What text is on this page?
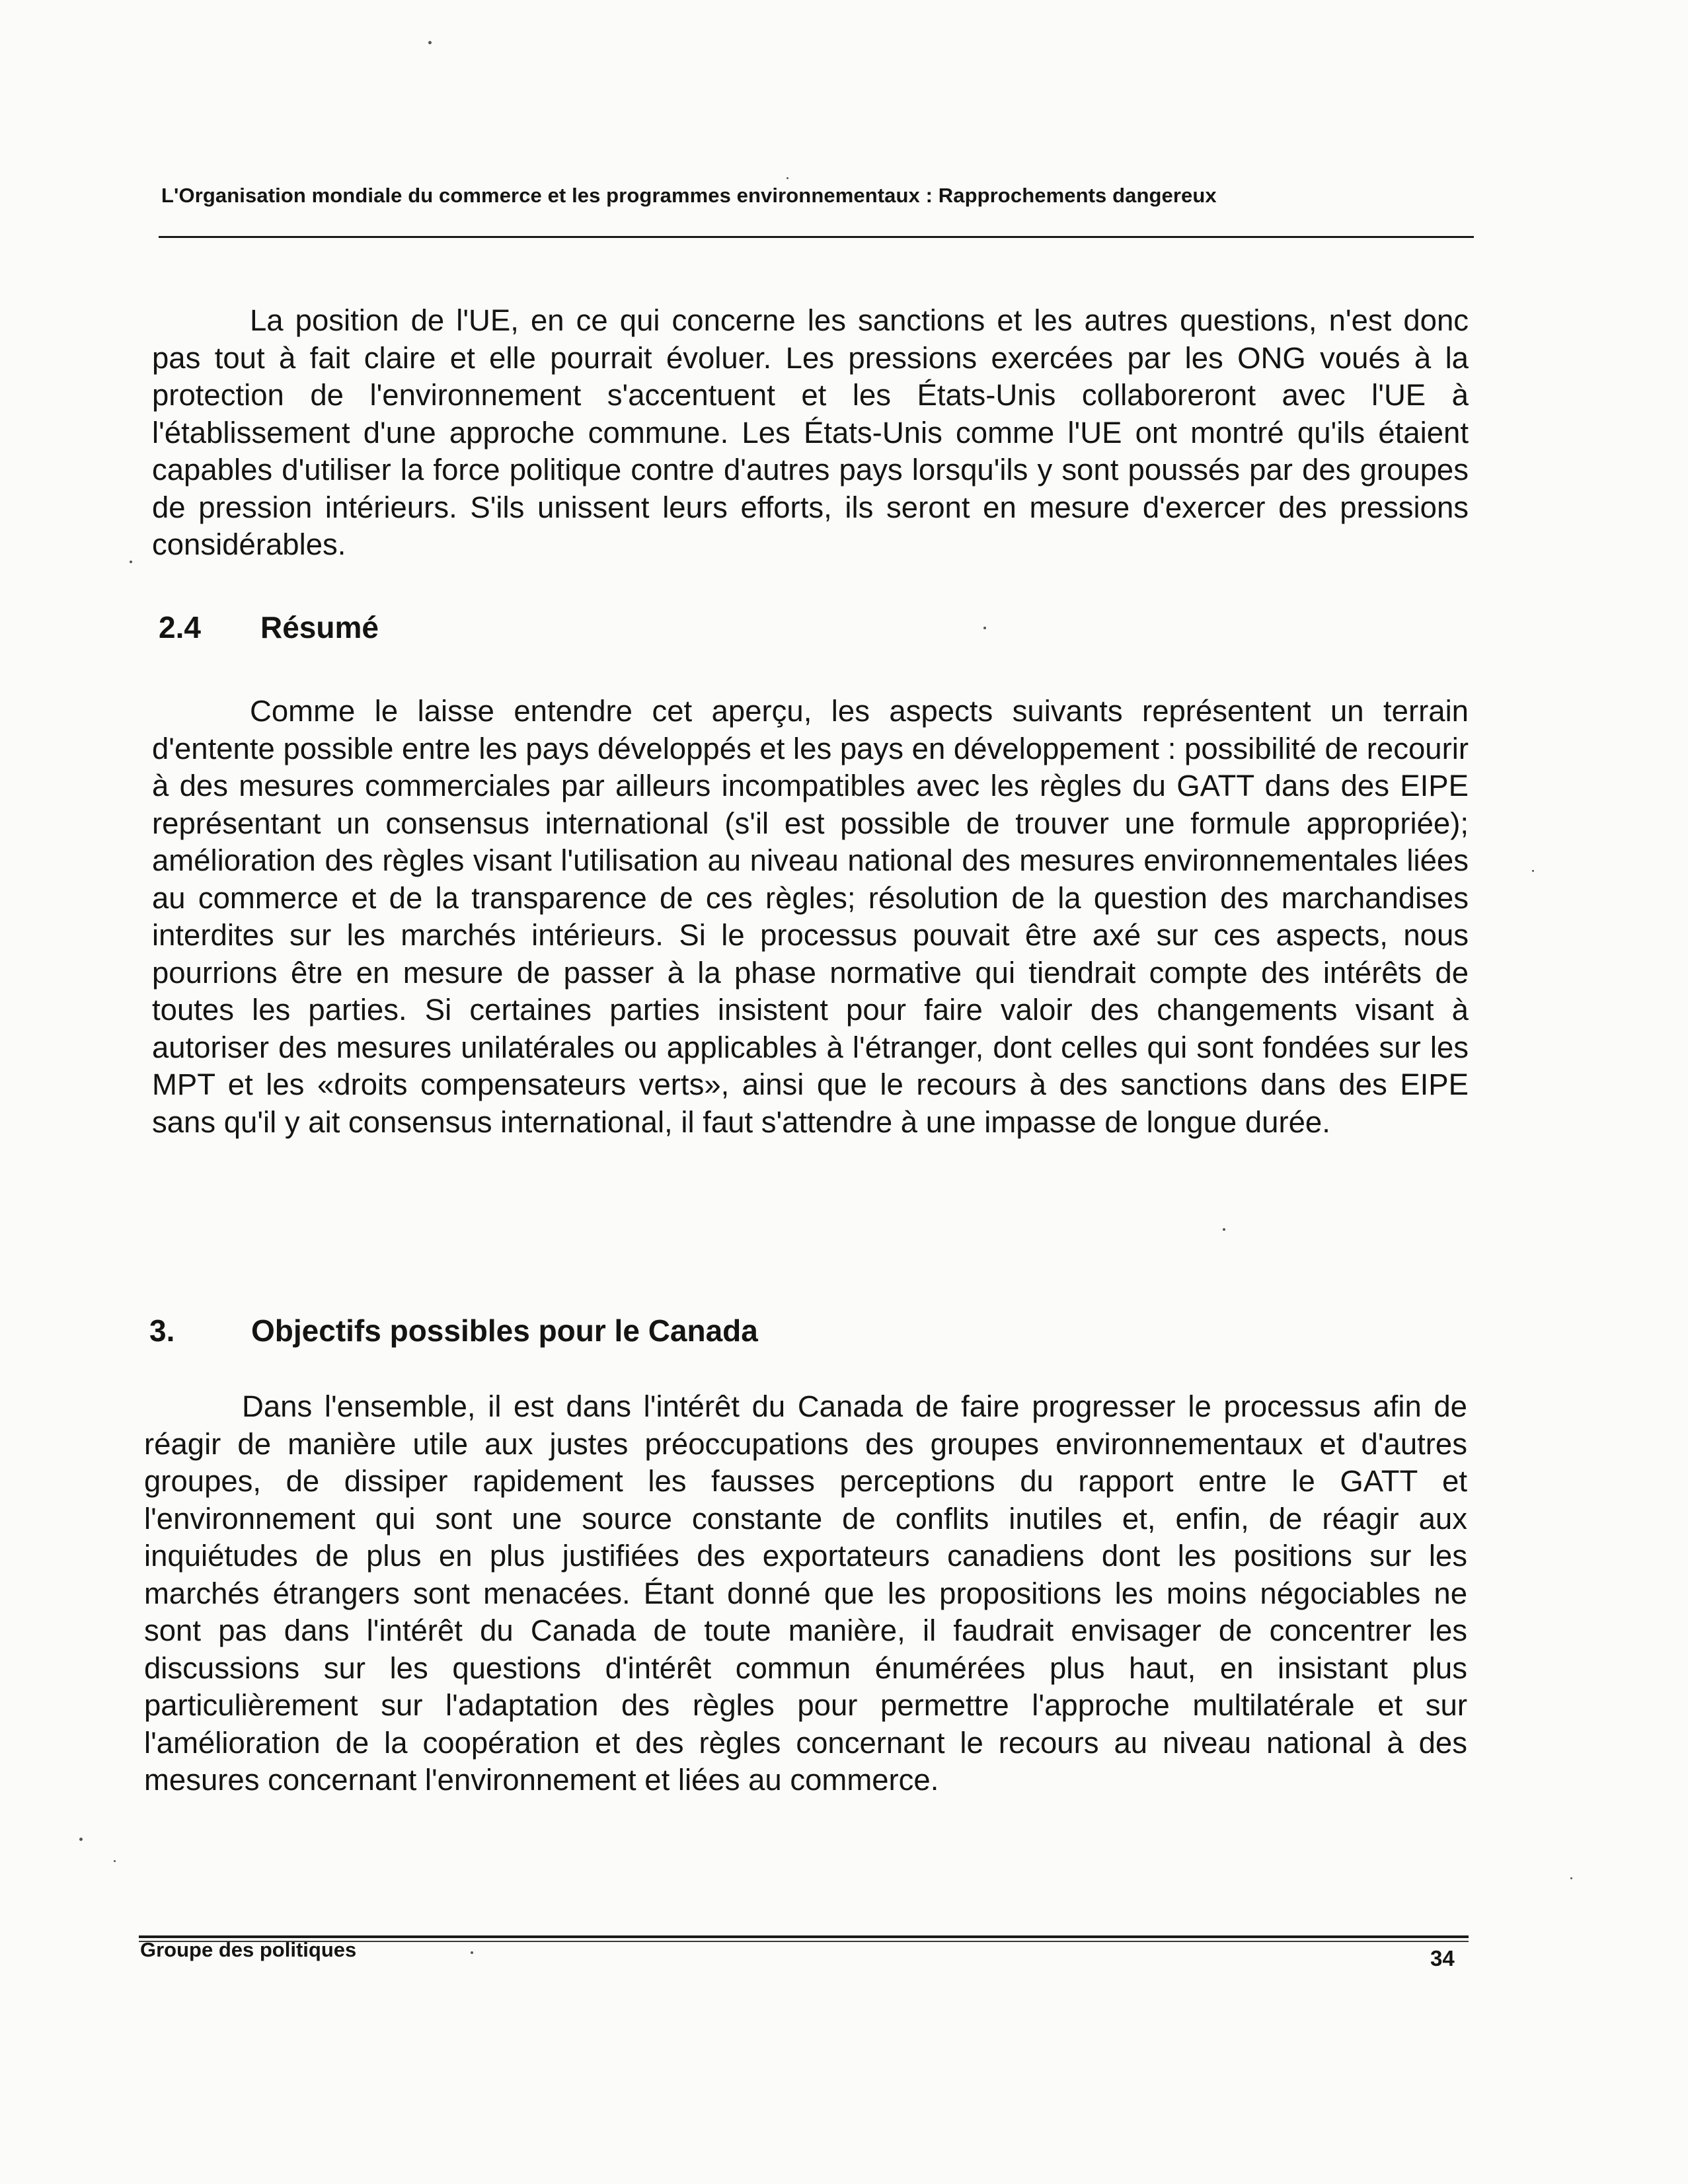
L'Organisation mondiale du commerce et les programmes environnementaux : Rapprochements dangereux

La position de l'UE, en ce qui concerne les sanctions et les autres questions, n'est donc pas tout à fait claire et elle pourrait évoluer. Les pressions exercées par les ONG voués à la protection de l'environnement s'accentuent et les États-Unis collaboreront avec l'UE à l'établissement d'une approche commune. Les États-Unis comme l'UE ont montré qu'ils étaient capables d'utiliser la force politique contre d'autres pays lorsqu'ils y sont poussés par des groupes de pression intérieurs. S'ils unissent leurs efforts, ils seront en mesure d'exercer des pressions considérables.

2.4 Résumé

Comme le laisse entendre cet aperçu, les aspects suivants représentent un terrain d'entente possible entre les pays développés et les pays en développement : possibilité de recourir à des mesures commerciales par ailleurs incompatibles avec les règles du GATT dans des EIPE représentant un consensus international (s'il est possible de trouver une formule appropriée); amélioration des règles visant l'utilisation au niveau national des mesures environnementales liées au commerce et de la transparence de ces règles; résolution de la question des marchandises interdites sur les marchés intérieurs. Si le processus pouvait être axé sur ces aspects, nous pourrions être en mesure de passer à la phase normative qui tiendrait compte des intérêts de toutes les parties. Si certaines parties insistent pour faire valoir des changements visant à autoriser des mesures unilatérales ou applicables à l'étranger, dont celles qui sont fondées sur les MPT et les «droits compensateurs verts», ainsi que le recours à des sanctions dans des EIPE sans qu'il y ait consensus international, il faut s'attendre à une impasse de longue durée.

3.	Objectifs possibles pour le Canada

Dans l'ensemble, il est dans l'intérêt du Canada de faire progresser le processus afin de réagir de manière utile aux justes préoccupations des groupes environnementaux et d'autres groupes, de dissiper rapidement les fausses perceptions du rapport entre le GATT et l'environnement qui sont une source constante de conflits inutiles et, enfin, de réagir aux inquiétudes de plus en plus justifiées des exportateurs canadiens dont les positions sur les marchés étrangers sont menacées. Étant donné que les propositions les moins négociables ne sont pas dans l'intérêt du Canada de toute manière, il faudrait envisager de concentrer les discussions sur les questions d'intérêt commun énumérées plus haut, en insistant plus particulièrement sur l'adaptation des règles pour permettre l'approche multilatérale et sur l'amélioration de la coopération et des règles concernant le recours au niveau national à des mesures concernant l'environnement et liées au commerce.

Groupe des politiques	34
